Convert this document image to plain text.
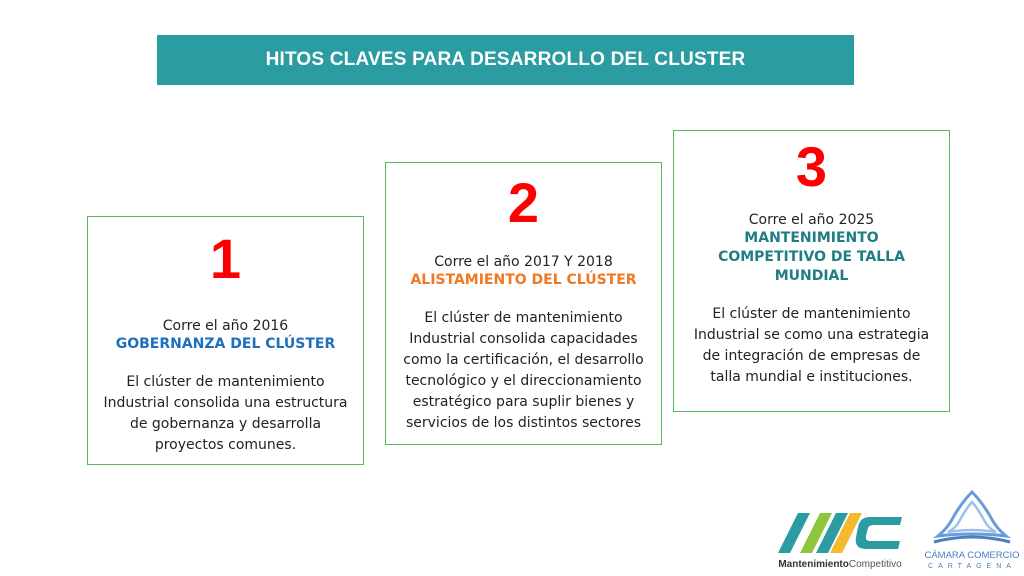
HITOS CLAVES PARA DESARROLLO DEL CLUSTER
1
Corre el año 2016
GOBERNANZA DEL CLÚSTER
El clúster de mantenimiento
Industrial consolida una estructura
de gobernanza y desarrolla
proyectos comunes.
2
Corre el año 2017 Y 2018
ALISTAMIENTO DEL CLÚSTER
El clúster de mantenimiento
Industrial consolida capacidades
como la certificación, el desarrollo
tecnológico y el direccionamiento
estratégico para suplir bienes y
servicios de los distintos sectores
3
Corre el año 2025
MANTENIMIENTO
COMPETITIVO DE TALLA
MUNDIAL
El clúster de mantenimiento
Industrial se como una estrategia
de integración de empresas de
talla mundial e instituciones.
MantenimientoCompetitivo
CÁMARA COMERCIO
CARTAGENA
